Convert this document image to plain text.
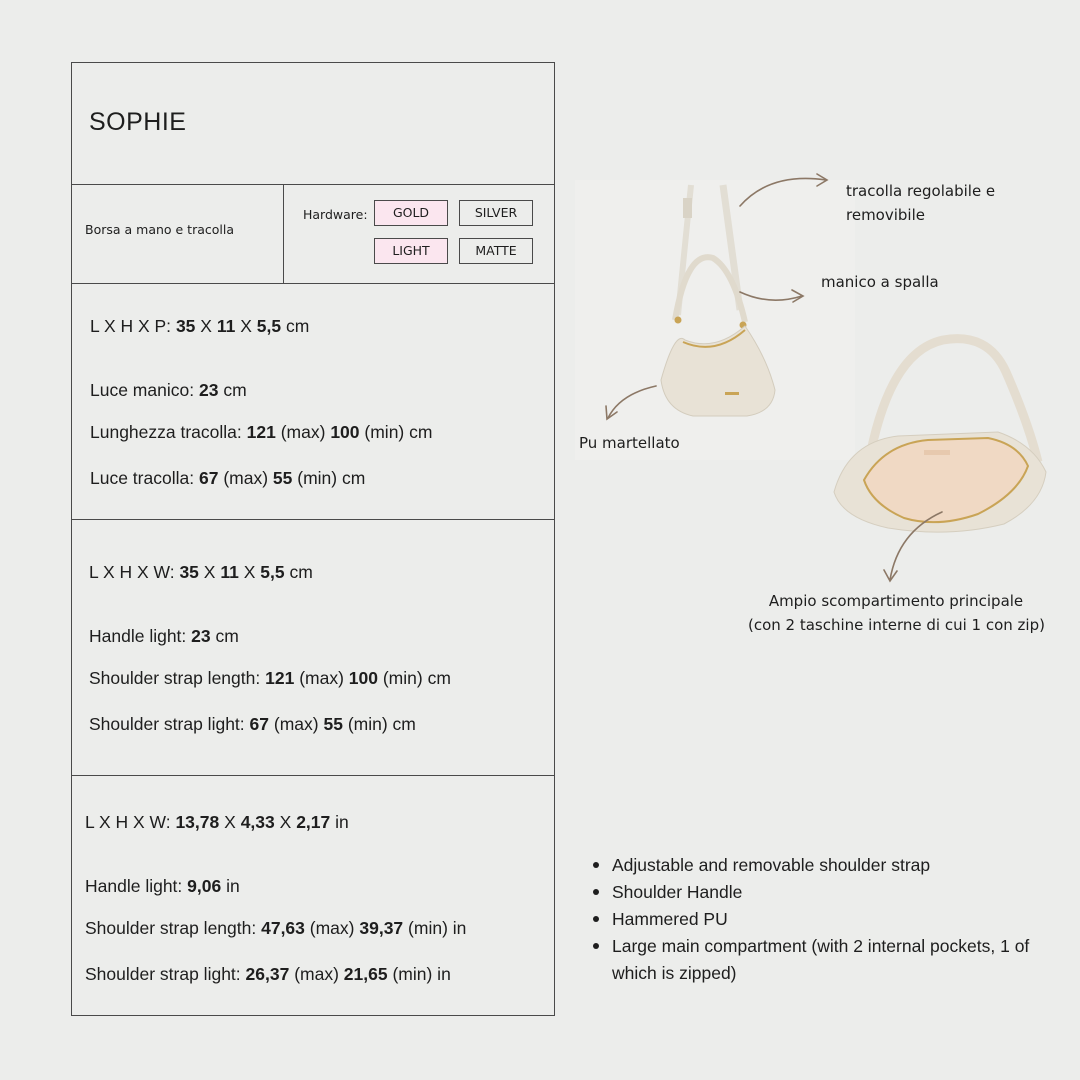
SOPHIE
Borsa a mano e tracolla
Hardware:	GOLD	SILVER
LIGHT	MATTE
L X H X P: 35 X 11 X 5,5 cm
Luce manico: 23 cm
Lunghezza tracolla: 121 (max) 100 (min) cm
Luce tracolla: 67 (max) 55 (min) cm
L X H X W: 35 X 11 X 5,5 cm
Handle light: 23 cm
Shoulder strap length: 121 (max) 100 (min) cm
Shoulder strap light: 67 (max) 55 (min) cm
L X H X W: 13,78 X 4,33 X 2,17 in
Handle light: 9,06 in
Shoulder strap length: 47,63 (max) 39,37 (min) in
Shoulder strap light: 26,37 (max) 21,65 (min) in
tracolla regolabile e
removibile
manico a spalla
Pu martellato
Ampio scompartimento principale
(con 2 taschine interne di cui 1 con zip)
Adjustable and removable shoulder strap
Shoulder Handle
Hammered PU
Large main compartment (with 2 internal pockets, 1 of which is zipped)
